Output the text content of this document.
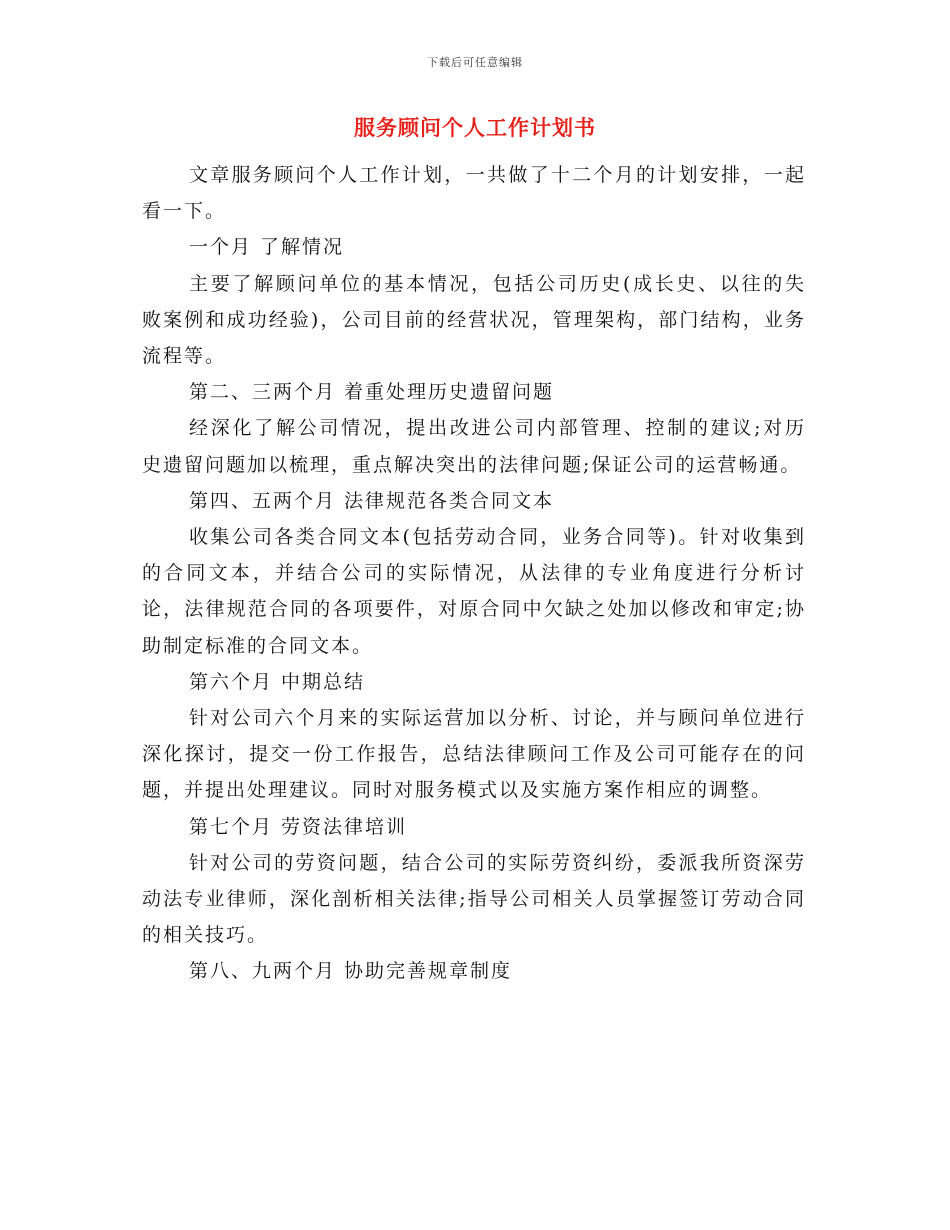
下载后可任意编辑
服务顾问个人工作计划书

文章服务顾问个人工作计划，一共做了十二个月的计划安排，一起看一下。

一个月 了解情况

主要了解顾问单位的基本情况，包括公司历史(成长史、以往的失败案例和成功经验)，公司目前的经营状况，管理架构，部门结构，业务流程等。

第二、三两个月 着重处理历史遗留问题

经深化了解公司情况，提出改进公司内部管理、控制的建议;对历史遗留问题加以梳理，重点解决突出的法律问题;保证公司的运营畅通。

第四、五两个月 法律规范各类合同文本

收集公司各类合同文本(包括劳动合同，业务合同等)。针对收集到的合同文本，并结合公司的实际情况，从法律的专业角度进行分析讨论，法律规范合同的各项要件，对原合同中欠缺之处加以修改和审定;协助制定标准的合同文本。

第六个月 中期总结

针对公司六个月来的实际运营加以分析、讨论，并与顾问单位进行深化探讨，提交一份工作报告，总结法律顾问工作及公司可能存在的问题，并提出处理建议。同时对服务模式以及实施方案作相应的调整。

第七个月 劳资法律培训

针对公司的劳资问题，结合公司的实际劳资纠纷，委派我所资深劳动法专业律师，深化剖析相关法律;指导公司相关人员掌握签订劳动合同的相关技巧。

第八、九两个月 协助完善规章制度
